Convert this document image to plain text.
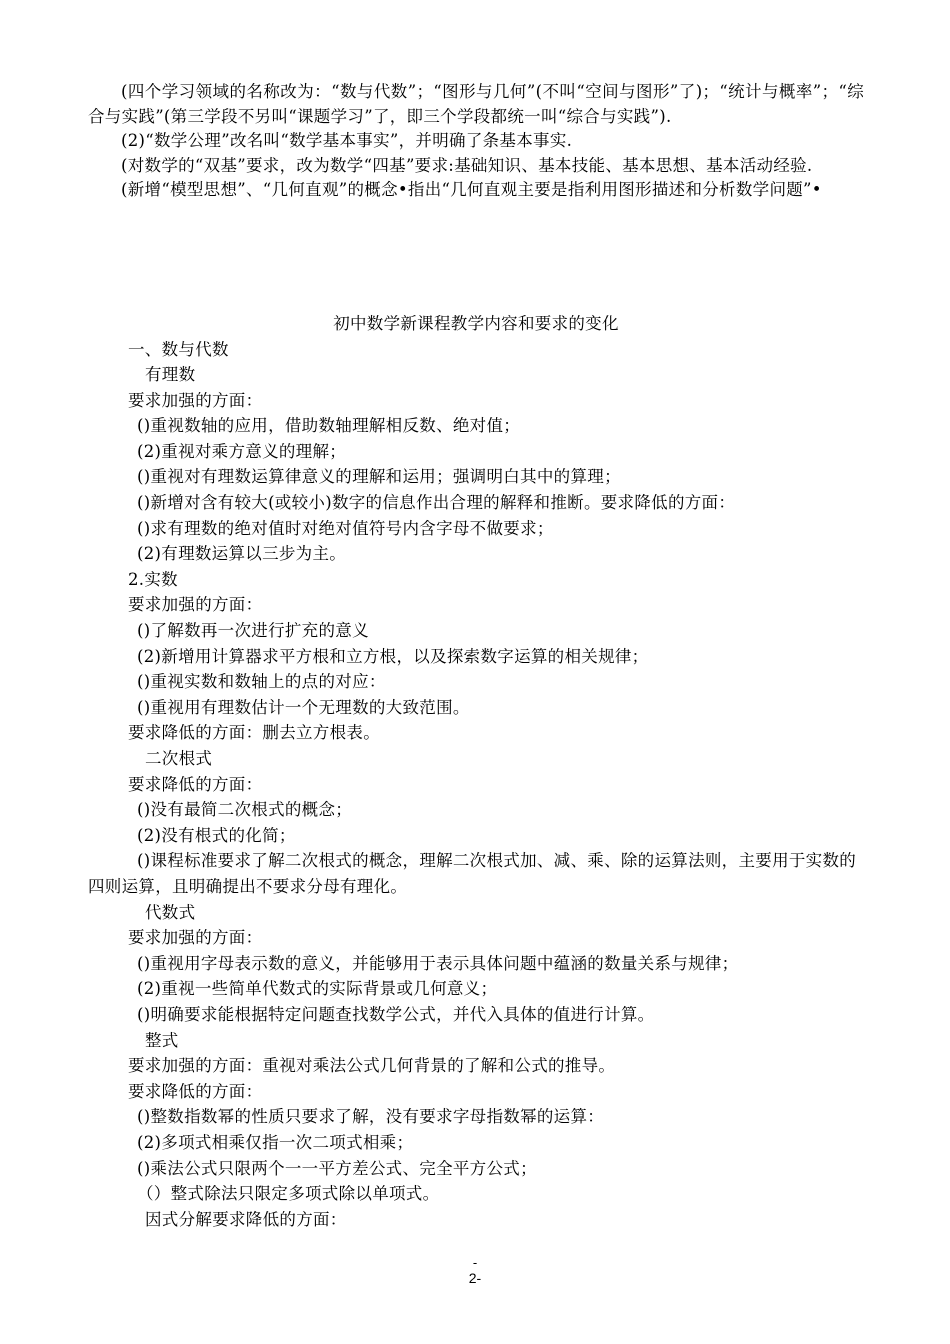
(四个学习领域的名称改为：“数与代数”；“图形与几何”(不叫“空间与图形”了)；“统计与概率”；“综合与实践”(第三学段不另叫“课题学习”了，即三个学段都统一叫“综合与实践”).

(2)“数学公理”改名叫“数学基本事实”，并明确了条基本事实.

(对数学的“双基”要求，改为数学“四基”要求:基础知识、基本技能、基本思想、基本活动经验.

(新增“模型思想”、“几何直观”的概念•指出“几何直观主要是指利用图形描述和分析数学问题”•

初中数学新课程教学内容和要求的变化

一、数与代数

有理数

要求加强的方面：

()重视数轴的应用，借助数轴理解相反数、绝对值；

(2)重视对乘方意义的理解；

()重视对有理数运算律意义的理解和运用；强调明白其中的算理；

()新增对含有较大(或较小)数字的信息作出合理的解释和推断。要求降低的方面：

()求有理数的绝对值时对绝对值符号内含字母不做要求；

(2)有理数运算以三步为主。

2.实数

要求加强的方面：

()了解数再一次进行扩充的意义

(2)新增用计算器求平方根和立方根，以及探索数字运算的相关规律；

()重视实数和数轴上的点的对应：

()重视用有理数估计一个无理数的大致范围。

要求降低的方面：删去立方根表。

二次根式

要求降低的方面：

()没有最简二次根式的概念；

(2)没有根式的化简；

()课程标准要求了解二次根式的概念，理解二次根式加、减、乘、除的运算法则，主要用于实数的四则运算，且明确提出不要求分母有理化。

代数式

要求加强的方面：

()重视用字母表示数的意义，并能够用于表示具体问题中蕴涵的数量关系与规律；

(2)重视一些简单代数式的实际背景或几何意义；

()明确要求能根据特定问题查找数学公式，并代入具体的值进行计算。

整式

要求加强的方面：重视对乘法公式几何背景的了解和公式的推导。

要求降低的方面：

()整数指数幂的性质只要求了解，没有要求字母指数幂的运算：

(2)多项式相乘仅指一次二项式相乘；

()乘法公式只限两个一一平方差公式、完全平方公式；

（）整式除法只限定多项式除以单项式。

因式分解要求降低的方面：

-
2-
